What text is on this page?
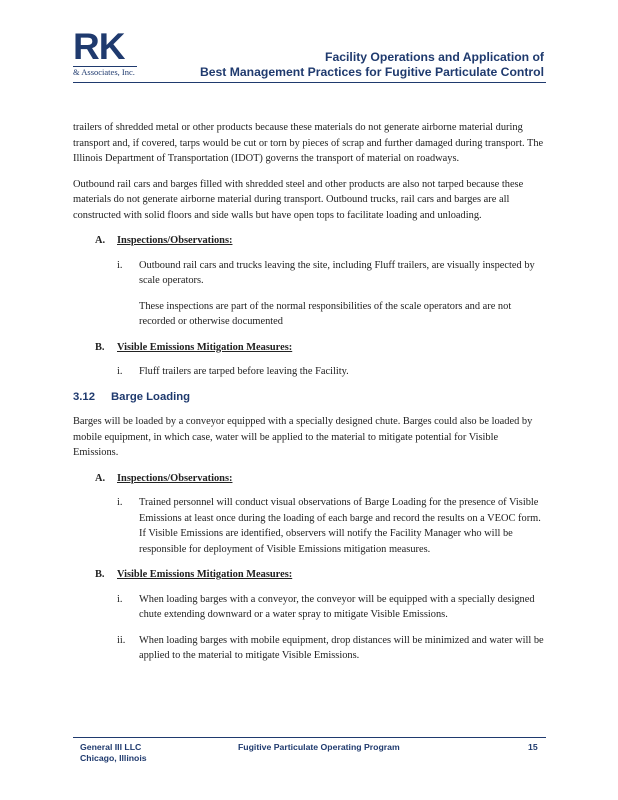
RK
& Associates, Inc.
Facility Operations and Application of
Best Management Practices for Fugitive Particulate Control

trailers of shredded metal or other products because these materials do not generate airborne material during transport and, if covered, tarps would be cut or torn by pieces of scrap and further damaged during transport. The Illinois Department of Transportation (IDOT) governs the transport of material on roadways.

Outbound rail cars and barges filled with shredded steel and other products are also not tarped because these materials do not generate airborne material during transport. Outbound trucks, rail cars and barges are all constructed with solid floors and side walls but have open tops to facilitate loading and unloading.

A. Inspections/Observations:
i. Outbound rail cars and trucks leaving the site, including Fluff trailers, are visually inspected by scale operators.

These inspections are part of the normal responsibilities of the scale operators and are not recorded or otherwise documented

B. Visible Emissions Mitigation Measures:
i. Fluff trailers are tarped before leaving the Facility.
3.12 Barge Loading

Barges will be loaded by a conveyor equipped with a specially designed chute. Barges could also be loaded by mobile equipment, in which case, water will be applied to the material to mitigate potential for Visible Emissions.

A. Inspections/Observations:
i. Trained personnel will conduct visual observations of Barge Loading for the presence of Visible Emissions at least once during the loading of each barge and record the results on a VEOC form. If Visible Emissions are identified, observers will notify the Facility Manager who will be responsible for deployment of Visible Emissions mitigation measures.
B. Visible Emissions Mitigation Measures:
i. When loading barges with a conveyor, the conveyor will be equipped with a specially designed chute extending downward or a water spray to mitigate Visible Emissions.
ii. When loading barges with mobile equipment, drop distances will be minimized and water will be applied to the material to mitigate Visible Emissions.
General III LLC
Chicago, Illinois
Fugitive Particulate Operating Program	15
